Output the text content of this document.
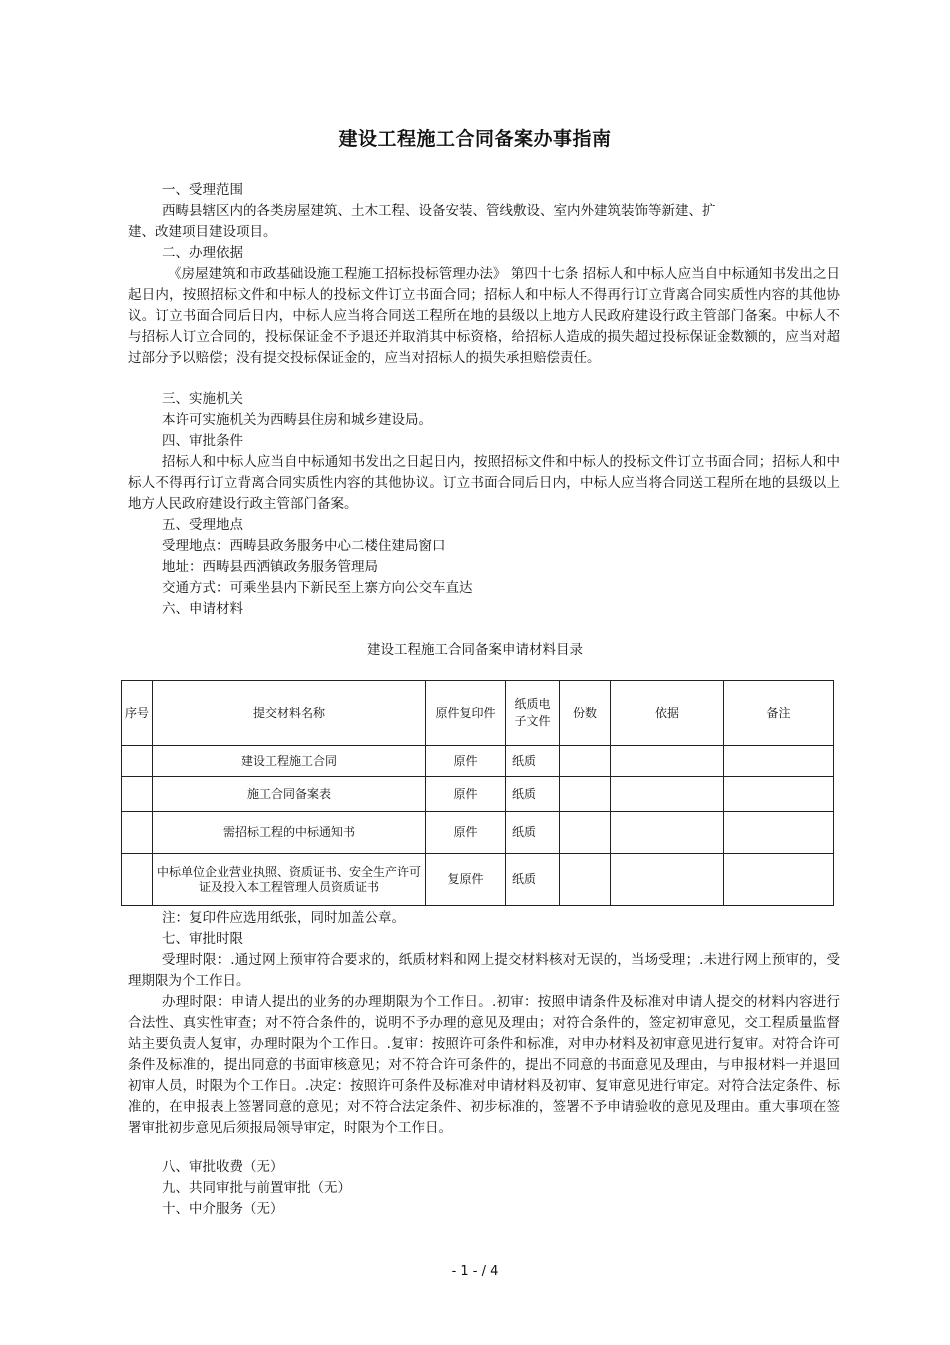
建设工程施工合同备案办事指南
一、受理范围
西畴县辖区内的各类房屋建筑、土木工程、设备安装、管线敷设、室内外建筑装饰等新建、扩
建、改建项目建设项目。
二、办理依据
《房屋建筑和市政基础设施工程施工招标投标管理办法》 第四十七条 招标人和中标人应当自中标通知书发出之日起日内，按照招标文件和中标人的投标文件订立书面合同；招标人和中标人不得再行订立背离合同实质性内容的其他协议。订立书面合同后日内，中标人应当将合同送工程所在地的县级以上地方人民政府建设行政主管部门备案。中标人不与招标人订立合同的，投标保证金不予退还并取消其中标资格，给招标人造成的损失超过投标保证金数额的，应当对超过部分予以赔偿；没有提交投标保证金的，应当对招标人的损失承担赔偿责任。
三、实施机关
本许可实施机关为西畴县住房和城乡建设局。
四、审批条件
招标人和中标人应当自中标通知书发出之日起日内，按照招标文件和中标人的投标文件订立书面合同；招标人和中标人不得再行订立背离合同实质性内容的其他协议。订立书面合同后日内，中标人应当将合同送工程所在地的县级以上地方人民政府建设行政主管部门备案。
五、受理地点
受理地点：西畴县政务服务中心二楼住建局窗口
地址：西畴县西洒镇政务服务管理局
交通方式：可乘坐县内下新民至上寨方向公交车直达
六、申请材料
建设工程施工合同备案申请材料目录
序号	提交材料名称	原件复印件	纸质电子文件	份数	依据	备注
	建设工程施工合同	原件	纸质			
	施工合同备案表	原件	纸质			
	需招标工程的中标通知书	原件	纸质			
	中标单位企业营业执照、资质证书、安全生产许可证及投入本工程管理人员资质证书	复原件	纸质			
注：复印件应选用纸张，同时加盖公章。
七、审批时限
受理时限：.通过网上预审符合要求的，纸质材料和网上提交材料核对无误的，当场受理；.未进行网上预审的，受理期限为个工作日。
办理时限：申请人提出的业务的办理期限为个工作日。.初审：按照申请条件及标准对申请人提交的材料内容进行合法性、真实性审查；对不符合条件的，说明不予办理的意见及理由；对符合条件的，签定初审意见，交工程质量监督站主要负责人复审，办理时限为个工作日。.复审：按照许可条件和标准，对申办材料及初审意见进行复审。对符合许可条件及标准的，提出同意的书面审核意见；对不符合许可条件的，提出不同意的书面意见及理由，与申报材料一并退回初审人员，时限为个工作日。.决定：按照许可条件及标准对申请材料及初审、复审意见进行审定。对符合法定条件、标准的，在申报表上签署同意的意见；对不符合法定条件、初步标准的，签署不予申请验收的意见及理由。重大事项在签署审批初步意见后须报局领导审定，时限为个工作日。
八、审批收费（无）
九、共同审批与前置审批（无）
十、中介服务（无）
- 1 - / 4
